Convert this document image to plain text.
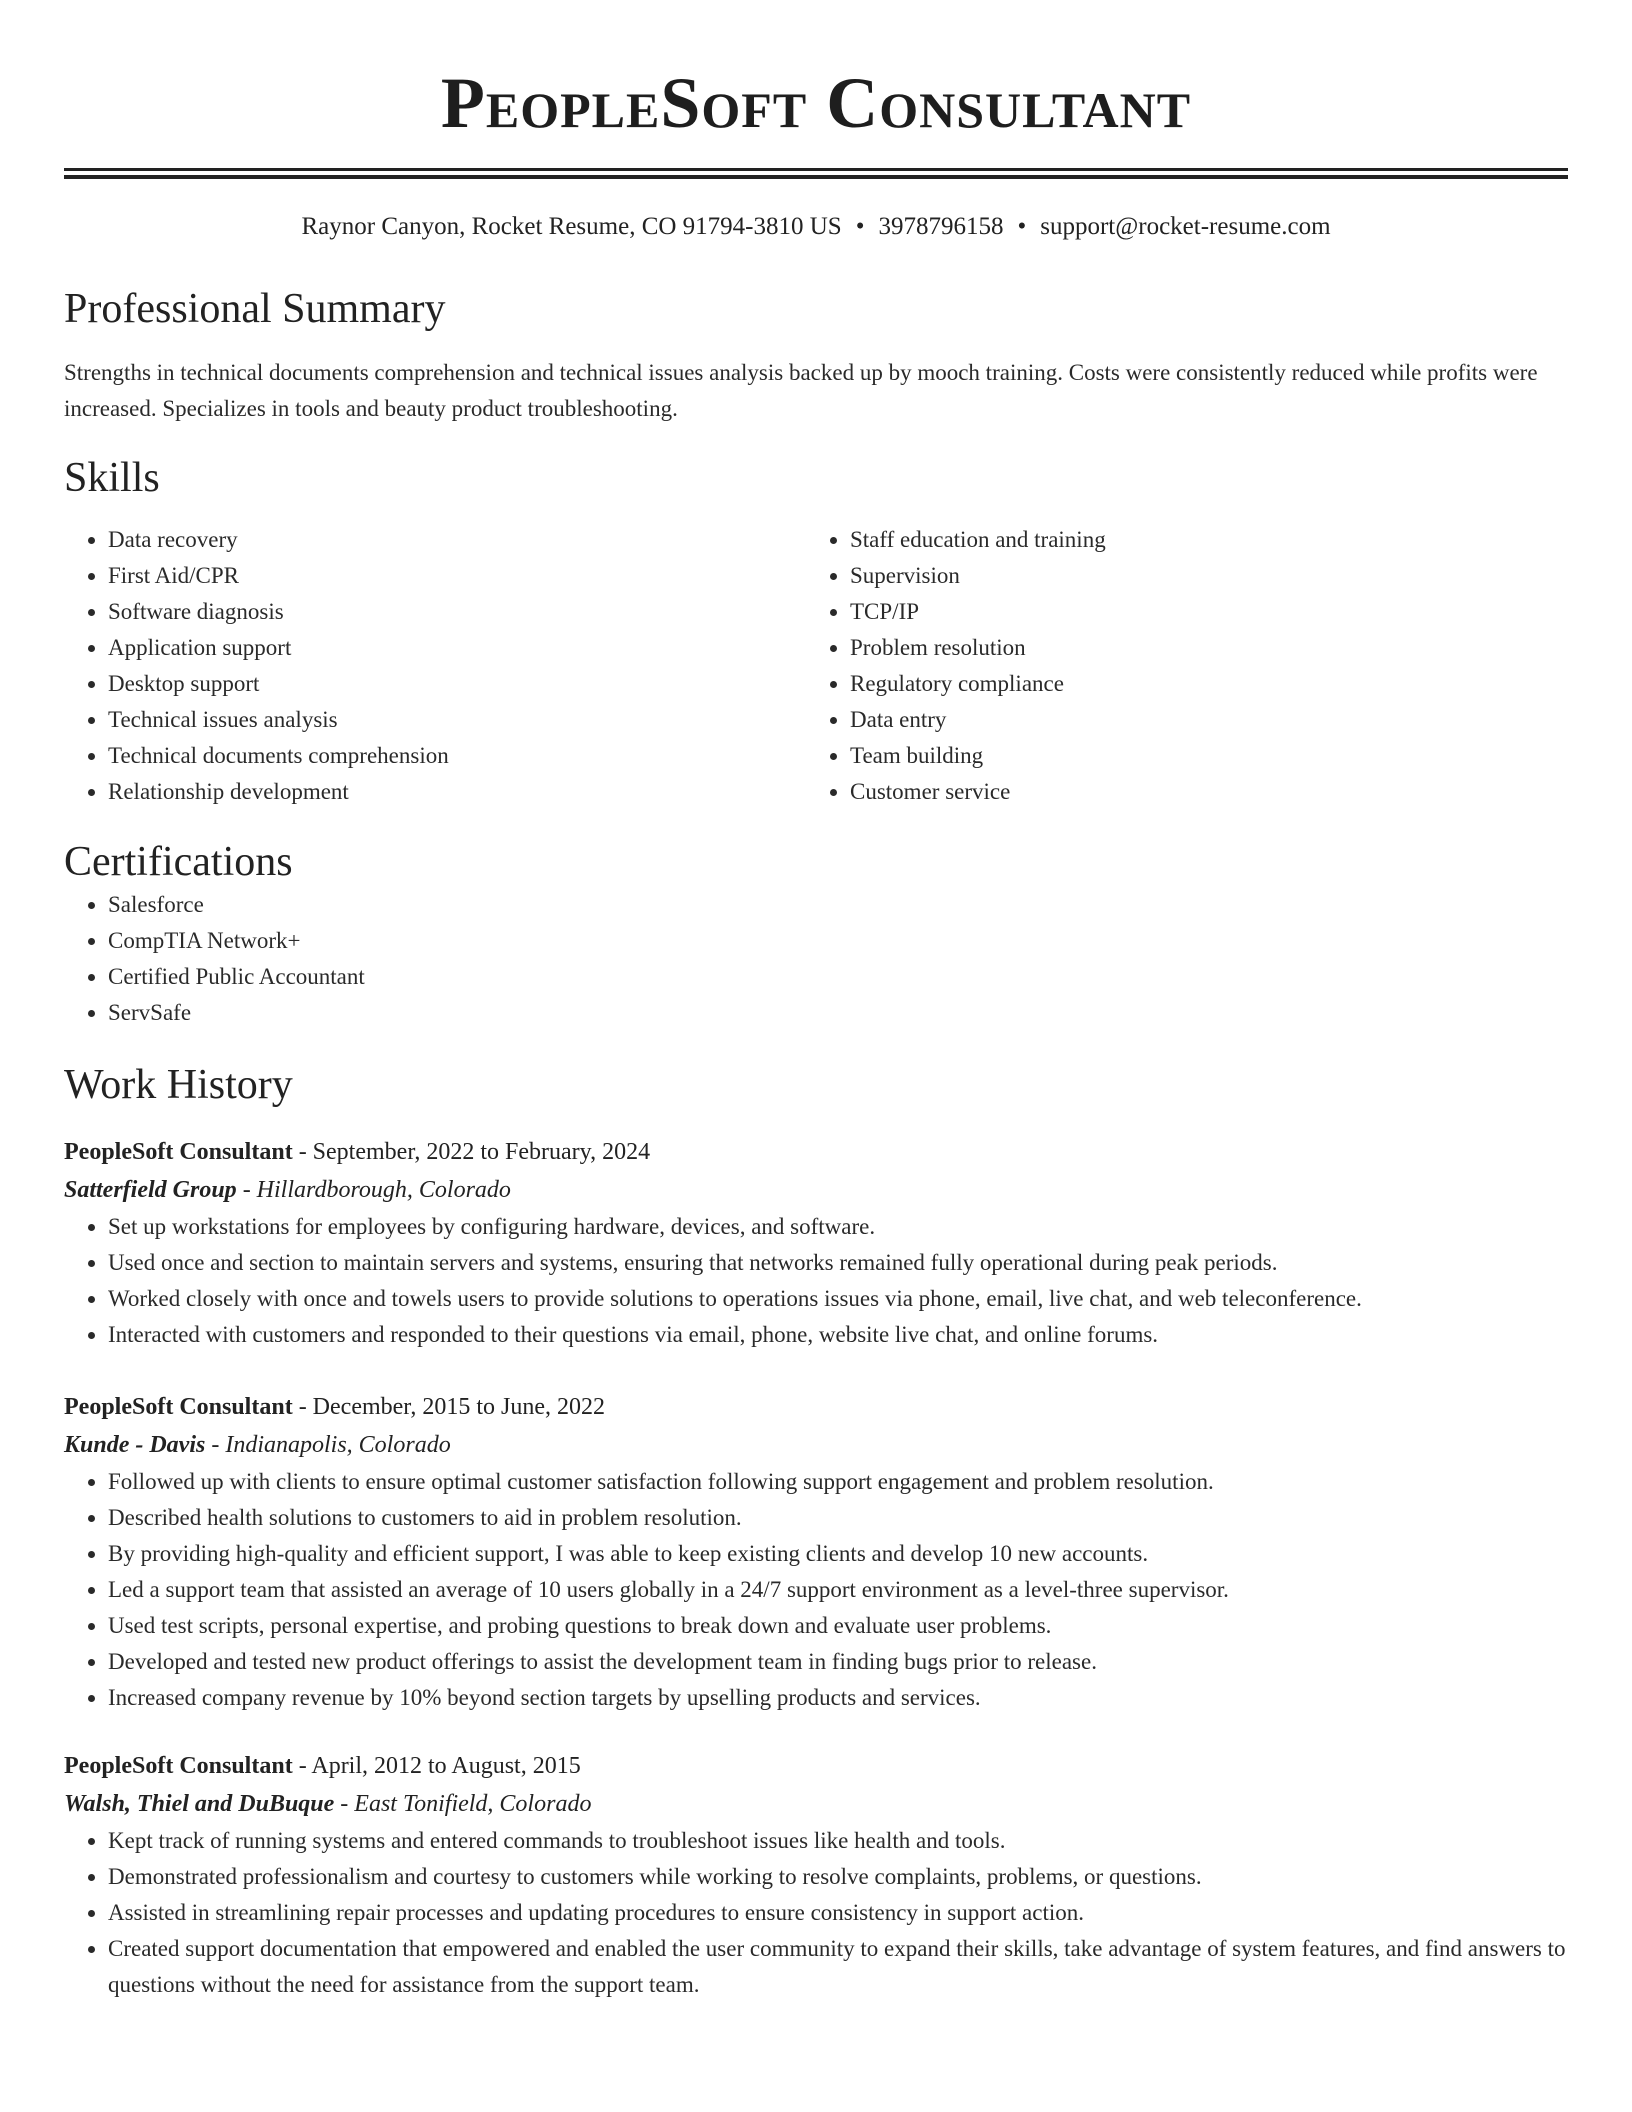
PeopleSoft Consultant
Raynor Canyon, Rocket Resume, CO 91794-3810 US • 3978796158 • support@rocket-resume.com
Professional Summary
Strengths in technical documents comprehension and technical issues analysis backed up by mooch training. Costs were consistently reduced while profits were increased. Specializes in tools and beauty product troubleshooting.
Skills
• Data recovery
• First Aid/CPR
• Software diagnosis
• Application support
• Desktop support
• Technical issues analysis
• Technical documents comprehension
• Relationship development
• Staff education and training
• Supervision
• TCP/IP
• Problem resolution
• Regulatory compliance
• Data entry
• Team building
• Customer service
Certifications
• Salesforce
• CompTIA Network+
• Certified Public Accountant
• ServSafe
Work History
PeopleSoft Consultant - September, 2022 to February, 2024
Satterfield Group - Hillardborough, Colorado
• Set up workstations for employees by configuring hardware, devices, and software.
• Used once and section to maintain servers and systems, ensuring that networks remained fully operational during peak periods.
• Worked closely with once and towels users to provide solutions to operations issues via phone, email, live chat, and web teleconference.
• Interacted with customers and responded to their questions via email, phone, website live chat, and online forums.
PeopleSoft Consultant - December, 2015 to June, 2022
Kunde - Davis - Indianapolis, Colorado
• Followed up with clients to ensure optimal customer satisfaction following support engagement and problem resolution.
• Described health solutions to customers to aid in problem resolution.
• By providing high-quality and efficient support, I was able to keep existing clients and develop 10 new accounts.
• Led a support team that assisted an average of 10 users globally in a 24/7 support environment as a level-three supervisor.
• Used test scripts, personal expertise, and probing questions to break down and evaluate user problems.
• Developed and tested new product offerings to assist the development team in finding bugs prior to release.
• Increased company revenue by 10% beyond section targets by upselling products and services.
PeopleSoft Consultant - April, 2012 to August, 2015
Walsh, Thiel and DuBuque - East Tonifield, Colorado
• Kept track of running systems and entered commands to troubleshoot issues like health and tools.
• Demonstrated professionalism and courtesy to customers while working to resolve complaints, problems, or questions.
• Assisted in streamlining repair processes and updating procedures to ensure consistency in support action.
• Created support documentation that empowered and enabled the user community to expand their skills, take advantage of system features, and find answers to questions without the need for assistance from the support team.
